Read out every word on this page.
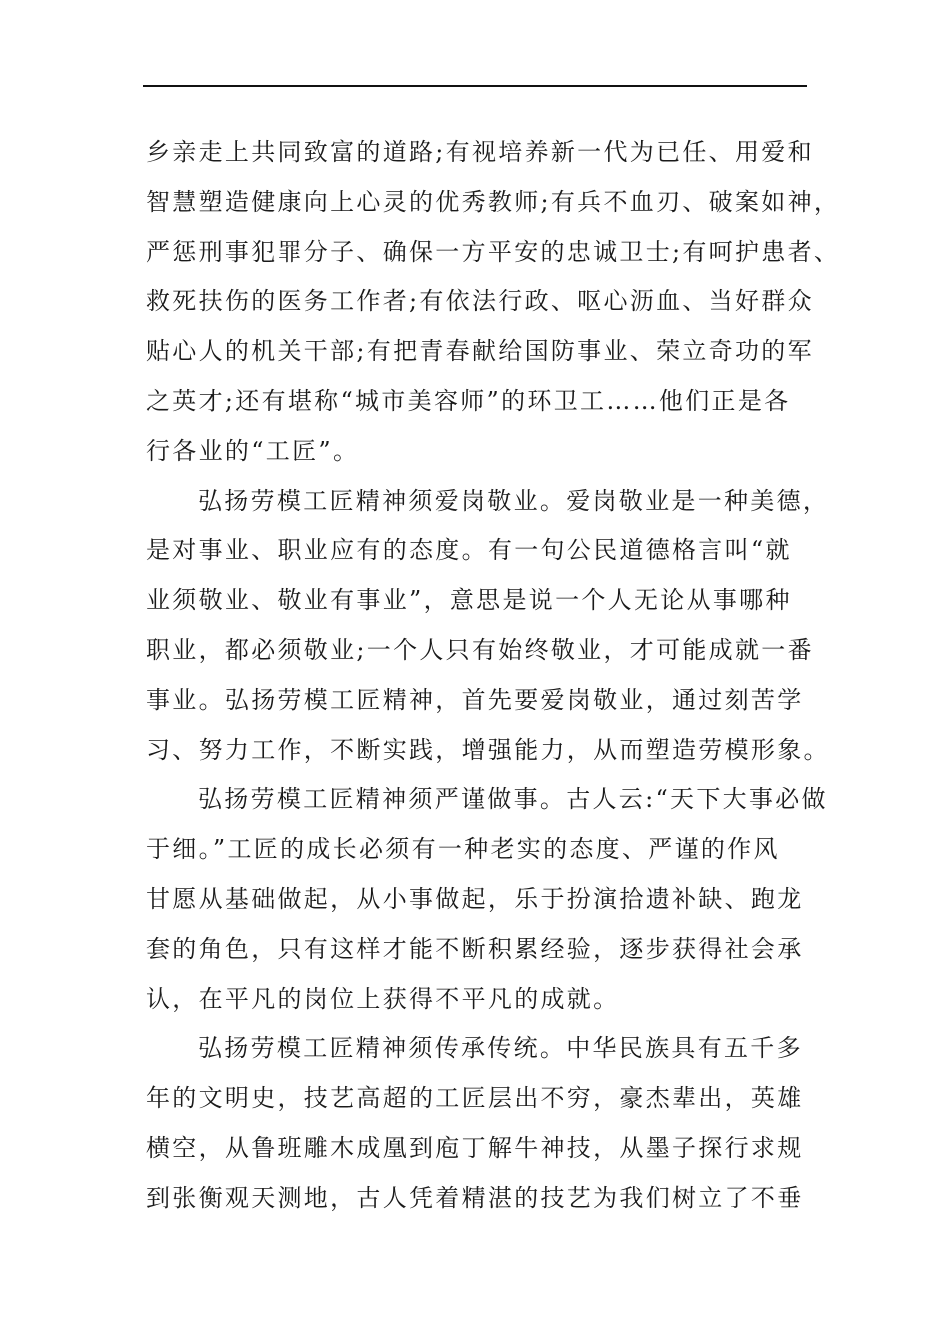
乡亲走上共同致富的道路;有视培养新一代为已任、用爱和
智慧塑造健康向上心灵的优秀教师;有兵不血刃、破案如神，
严惩刑事犯罪分子、确保一方平安的忠诚卫士;有呵护患者、
救死扶伤的医务工作者;有依法行政、呕心沥血、当好群众
贴心人的机关干部;有把青春献给国防事业、荣立奇功的军
之英才;还有堪称“城市美容师”的环卫工……他们正是各
行各业的“工匠”。
弘扬劳模工匠精神须爱岗敬业。爱岗敬业是一种美德，
是对事业、职业应有的态度。有一句公民道德格言叫“就
业须敬业、敬业有事业”，意思是说一个人无论从事哪种
职业，都必须敬业;一个人只有始终敬业，才可能成就一番
事业。弘扬劳模工匠精神，首先要爱岗敬业，通过刻苦学
习、努力工作，不断实践，增强能力，从而塑造劳模形象。
弘扬劳模工匠精神须严谨做事。古人云:“天下大事必做
于细。”工匠的成长必须有一种老实的态度、严谨的作风
甘愿从基础做起，从小事做起，乐于扮演拾遗补缺、跑龙
套的角色，只有这样才能不断积累经验，逐步获得社会承
认，在平凡的岗位上获得不平凡的成就。
弘扬劳模工匠精神须传承传统。中华民族具有五千多
年的文明史，技艺高超的工匠层出不穷，豪杰辈出，英雄
横空，从鲁班雕木成凰到庖丁解牛神技，从墨子探行求规
到张衡观天测地，古人凭着精湛的技艺为我们树立了不垂
